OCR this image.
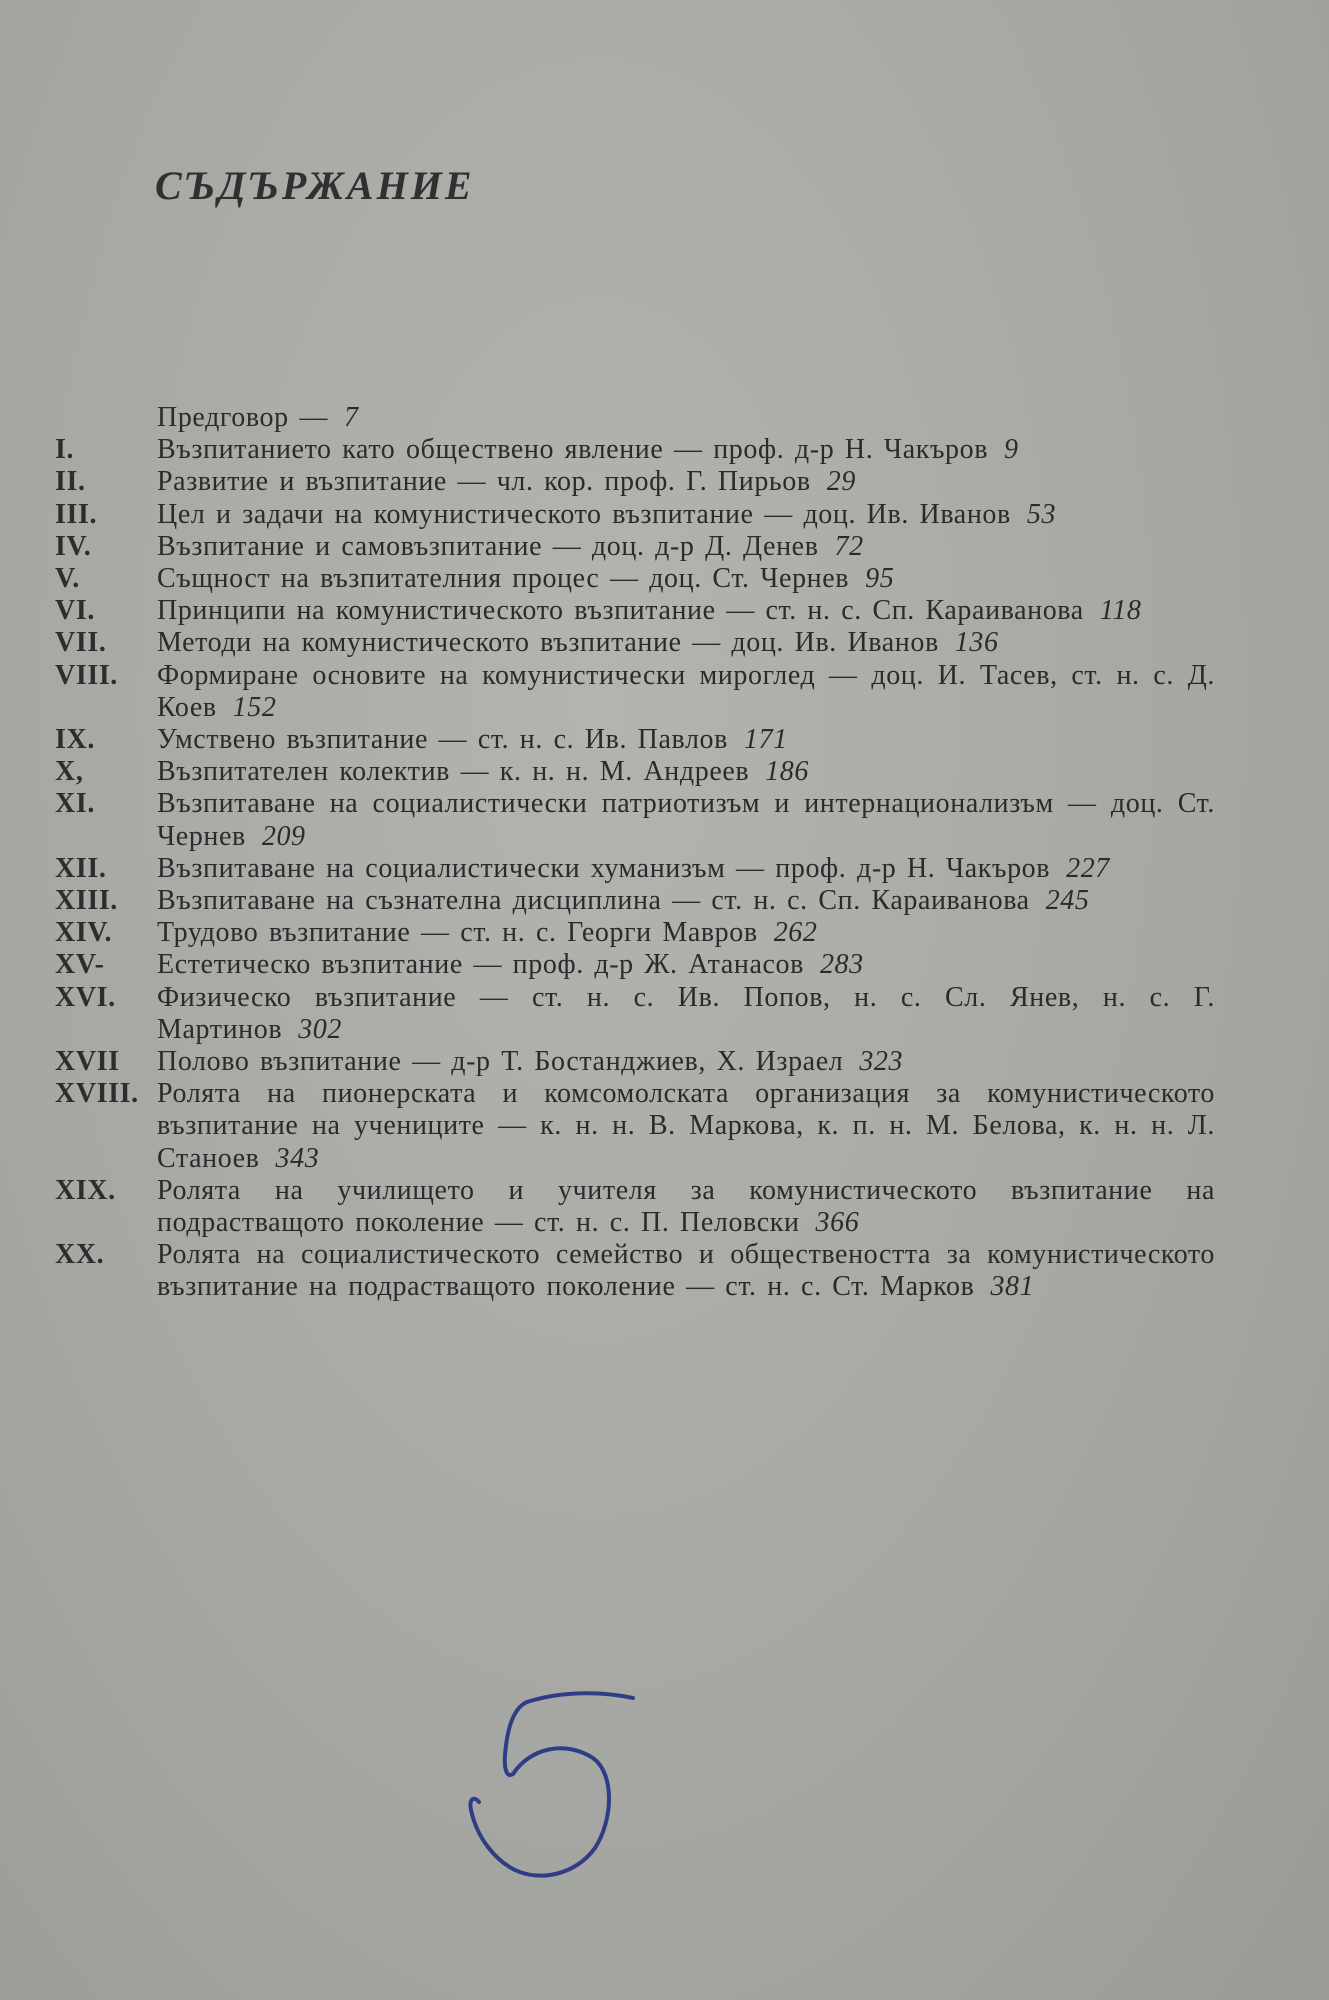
СЪДЪРЖАНИЕ
Предговор — 7
I.	Възпитанието като обществено явление — проф. д-р Н. Чакъров 9
II.	Развитие и възпитание — чл. кор. проф. Г. Пирьов 29
III.	Цел и задачи на комунистическото възпитание — доц. Ив. Иванов 53
IV.	Възпитание и самовъзпитание — доц. д-р Д. Денев 72
V.	Същност на възпитателния процес — доц. Ст. Чернев 95
VI.	Принципи на комунистическото възпитание — ст. н. с. Сп. Караиванова 118
VII.	Методи на комунистическото възпитание — доц. Ив. Иванов 136
VIII.	Формиране основите на комунистически мироглед — доц. И. Тасев, ст. н. с. Д. Коев 152
IX.	Умствено възпитание — ст. н. с. Ив. Павлов 171
X,	Възпитателен колектив — к. н. н. М. Андреев 186
XI.	Възпитаване на социалистически патриотизъм и интернационализъм — доц. Ст. Чернев 209
XII.	Възпитаване на социалистически хуманизъм — проф. д-р Н. Чакъров 227
XIII.	Възпитаване на съзнателна дисциплина — ст. н. с. Сп. Караиванова 245
XIV.	Трудово възпитание — ст. н. с. Георги Мавров 262
XV-	Естетическо възпитание — проф. д-р Ж. Атанасов 283
XVI.	Физическо възпитание — ст. н. с. Ив. Попов, н. с. Сл. Янев, н. с. Г. Мартинов 302
XVII	Полово възпитание — д-р Т. Бостанджиев, Х. Израел 323
XVIII. Ролята на пионерската и комсомолската организация за комунистическото възпитание на учениците — к. н. н. В. Маркова, к. п. н. М. Белова, к. н. н. Л. Станоев 343
XIX.	Ролята на училището и учителя за комунистическото възпитание на подрастващото поколение — ст. н. с. П. Пеловски 366
XX.	Ролята на социалистическото семейство и обществеността за комунистическото възпитание на подрастващото поколение — ст. н. с. Ст. Марков 381
